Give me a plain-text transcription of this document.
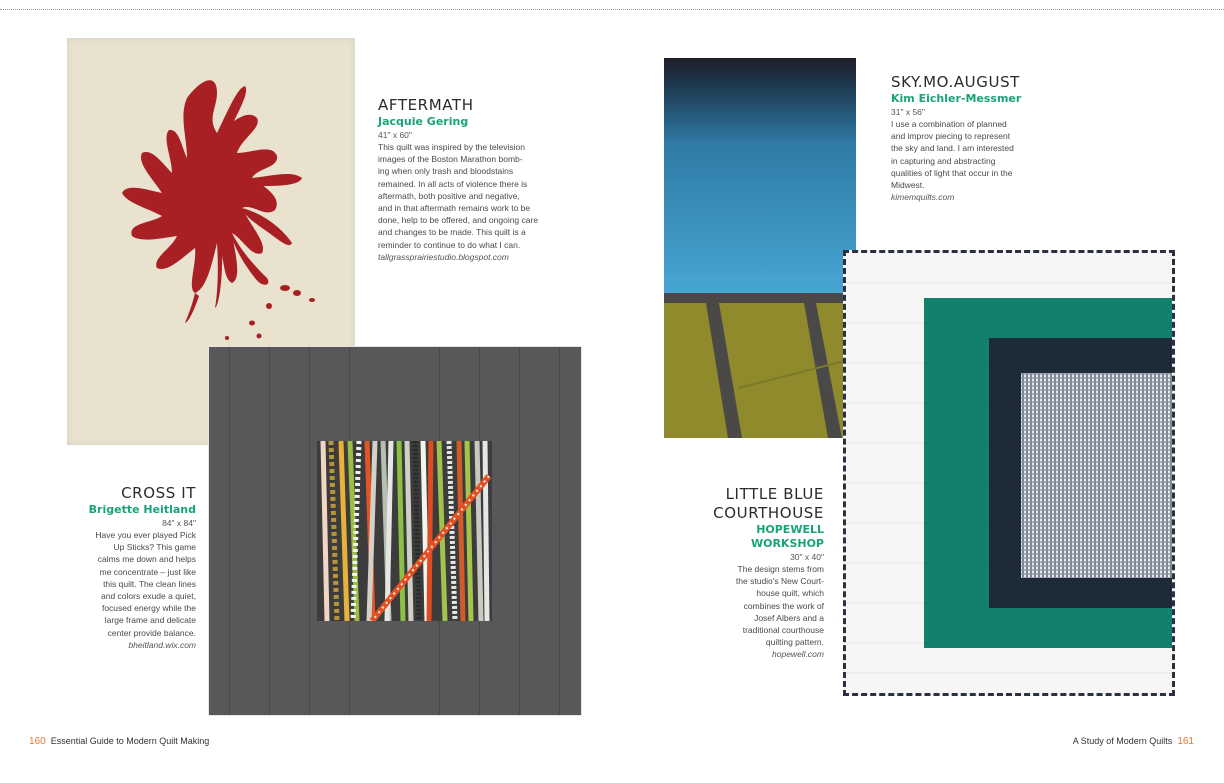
AFTERMATH
Jacquie Gering
41" x 60"
This quilt was inspired by the television
images of the Boston Marathon bomb-
ing when only trash and bloodstains
remained. In all acts of violence there is
aftermath, both positive and negative,
and in that aftermath remains work to be
done, help to be offered, and ongoing care
and changes to be made. This quilt is a
reminder to continue to do what I can.
tallgrassprairiestudio.blogspot.com
CROSS IT
Brigette Heitland
84" x 84"
Have you ever played Pick
Up Sticks? This game
calms me down and helps
me concentrate – just like
this quilt. The clean lines
and colors exude a quiet,
focused energy while the
large frame and delicate
center provide balance.
bheitland.wix.com
SKY.MO.AUGUST
Kim Eichler-Messmer
31" x 56"
I use a combination of planned
and improv piecing to represent
the sky and land. I am interested
in capturing and abstracting
qualities of light that occur in the
Midwest.
kimemquilts.com
LITTLE BLUE
COURTHOUSE
HOPEWELL
WORKSHOP
30" x 40"
The design stems from
the studio's New Court-
house quilt, which
combines the work of
Josef Albers and a
traditional courthouse
quilting pattern.
hopewell.com
160 Essential Guide to Modern Quilt Making	A Study of Modern Quilts 161
